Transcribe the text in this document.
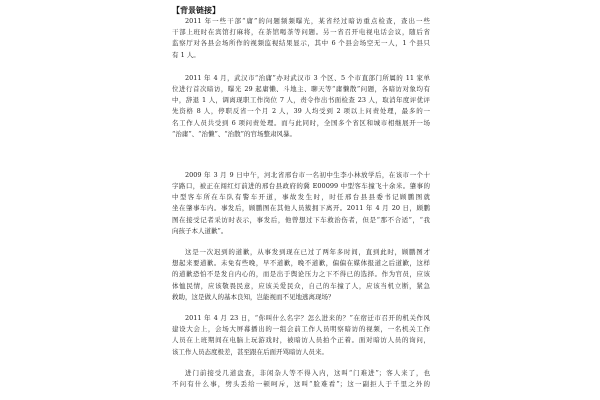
【背景链接】
2011 年一些干部“庸”的问题频频曝光，某省经过暗访重点检查，查出一些
干部上班时在宾馆打麻将，在茶馆喝茶等问题。另一省召开电视电话会议，随后省
监察厅对各县会场所作的视频监视结果显示，其中 6 个县会场空无一人，1 个县只
有 1 人。
2011 年 4 月，武汉市“治庸”办对武汉市 3 个区、5 个市直部门所属的 11 家单
位进行首次暗访，曝光 29 起庸懒、斗地主、聊天等“庸懒散”问题，各暗访对象均有
中，辞退 1 人，调离现职工作岗位 7 人，责令作出书面检查 23 人，取消年度评优评
先资格 8 人，停职反省一个月 2 人，39 人均受到 2 项以上问责处理，最多的一
名工作人员共受到 6 项问责处理。而与此同时，全国多个省区和城市相继展开一场
“治庸”、“治懒”、“治散”的官场整肃风暴。
2009 年 3 月 9 日中午，河北省邢台市一名初中生李小林放学后，在该市一个十
字路口，被正在闯红灯前进的邢台县政府的冀 E00099 中型客车撞飞十余米。肇事的
中型客车所在车队有警车开道，事故发生时，时任邢台县县委书记顾鹏图就
坐在肇事车内。事发后，顾鹏图在其他人员簇拥下离开。2011 年 4 月 20 日，顾鹏
图在接受记者采访时表示，事发后，他曾想过下车救治伤者，但是“那不合适”，“我
向孩子本人道歉”。
这是一次迟到的道歉，从事发到现在已过了两年多时间，直到此时，顾鹏图才
想起来要道歉。未免有些晚，早不道歉，晚不道歉，偏偏在媒体报道之后道歉，这样
的道歉恐怕不是发自内心的，而是出于舆论压力之下不得已的选择。作为官员，应该
体恤民情，应该敬畏民意，应该关爱民众，自己的车撞了人，应该当机立断，紧急
救助，这是做人的基本良知，岂能视而不见地逃离现场？
2011 年 4 月 23 日，“你叫什么名字？怎么进来的？”在宿迁市召开的机关作风
建设大会上，会场大屏幕播出的一组会前工作人员明察暗访的视频，一名机关工作
人员在上班期间在电脑上玩游戏时，被暗访人员拍个正着。面对暗访人员的询问，
该工作人员态度极差，甚至跟在后面开骂暗访人员来。
进门前接受几道盘查，非闲杂人等不得入内，这叫“门难进”；客人来了，也
不问有什么事，劈头丢给一顿呵斥，这叫“脸难看”；这一副拒人于千里之外的
